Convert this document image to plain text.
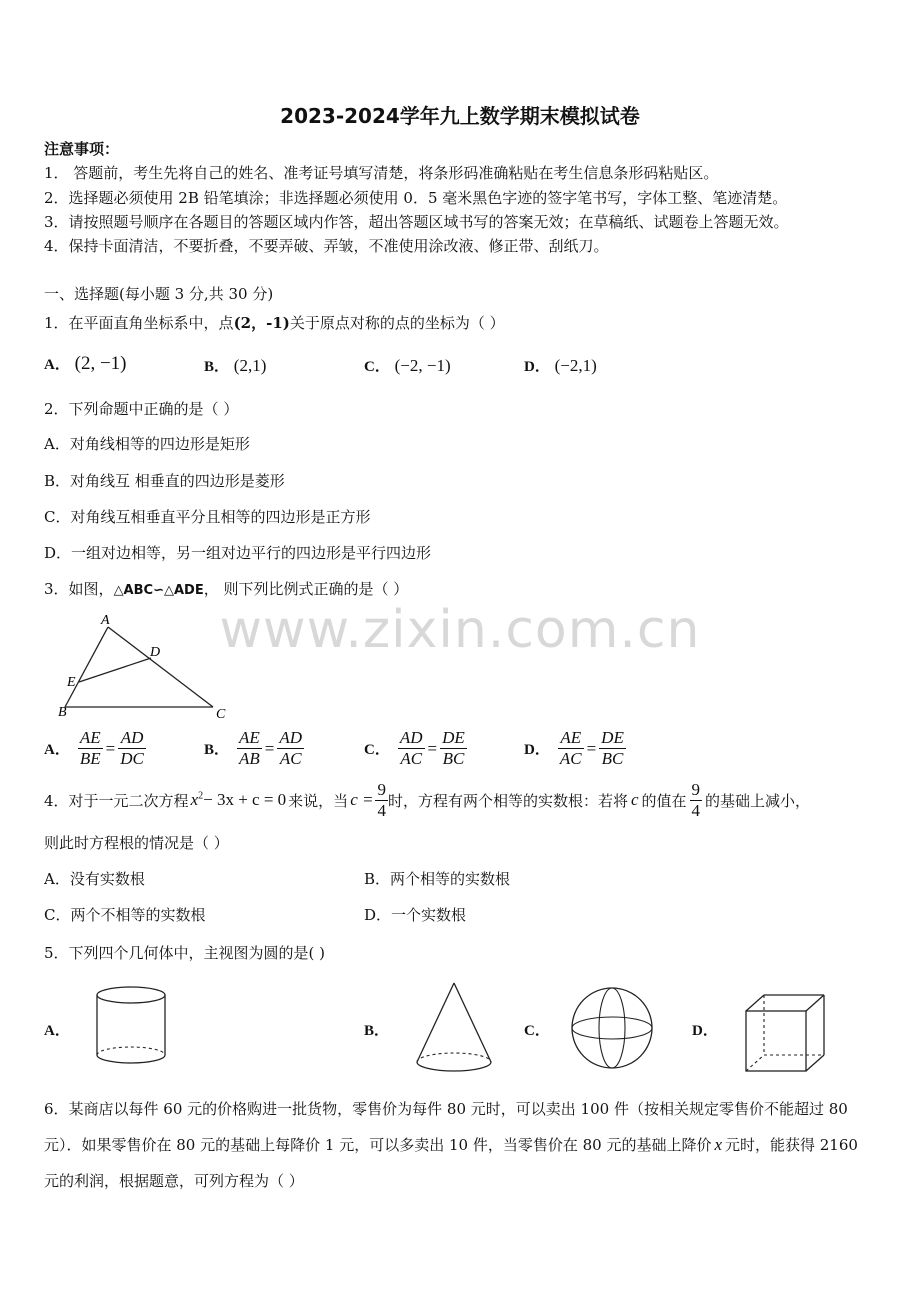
2023-2024学年九上数学期末模拟试卷
注意事项：
1． 答题前，考生先将自己的姓名、准考证号填写清楚，将条形码准确粘贴在考生信息条形码粘贴区。
2．选择题必须使用 2B 铅笔填涂；非选择题必须使用 0．5 毫米黑色字迹的签字笔书写，字体工整、笔迹清楚。
3．请按照题号顺序在各题目的答题区域内作答，超出答题区域书写的答案无效；在草稿纸、试题卷上答题无效。
4．保持卡面清洁，不要折叠，不要弄破、弄皱，不准使用涂改液、修正带、刮纸刀。
一、选择题(每小题 3 分,共 30 分)
1．在平面直角坐标系中，点(2，-1)关于原点对称的点的坐标为（ ）
A． (2, −1)	B． (2,1)	C． (−2, −1)	D． (−2,1)
2．下列命题中正确的是（ ）
A．对角线相等的四边形是矩形
B．对角线互 相垂直的四边形是菱形
C．对角线互相垂直平分且相等的四边形是正方形
D．一组对边相等，另一组对边平行的四边形是平行四边形
3．如图，△ABC∽△ADE， 则下列比例式正确的是（ ）
www.zixin.com.cn
A
D
E
B	C
A． $\frac{AE}{BE} = \frac{AD}{DC}$	B． $\frac{AE}{AB} = \frac{AD}{AC}$	C． $\frac{AD}{AC} = \frac{DE}{BC}$	D． $\frac{AE}{AC} = \frac{DE}{BC}$
4． 对于一元二次方程 $x^2- 3x + c = 0$ 来说，当 $c = \frac{9}{4}$ 时，方程有两个相等的实数根：若将 c 的值在 $\frac{9}{4}$ 的基础上减小，
则此时方程根的情况是（ ）
A．没有实数根	B．两个相等的实数根
C．两个不相等的实数根	D．一个实数根
5．下列四个几何体中，主视图为圆的是( )
A．	B．	C．	D．
6．某商店以每件 60 元的价格购进一批货物，零售价为每件 80 元时，可以卖出 100 件（按相关规定零售价不能超过 80
元）．如果零售价在 80 元的基础上每降价 1 元，可以多卖出 10 件，当零售价在 80 元的基础上降价 x 元时，能获得 2160
元的利润，根据题意，可列方程为（ ）
